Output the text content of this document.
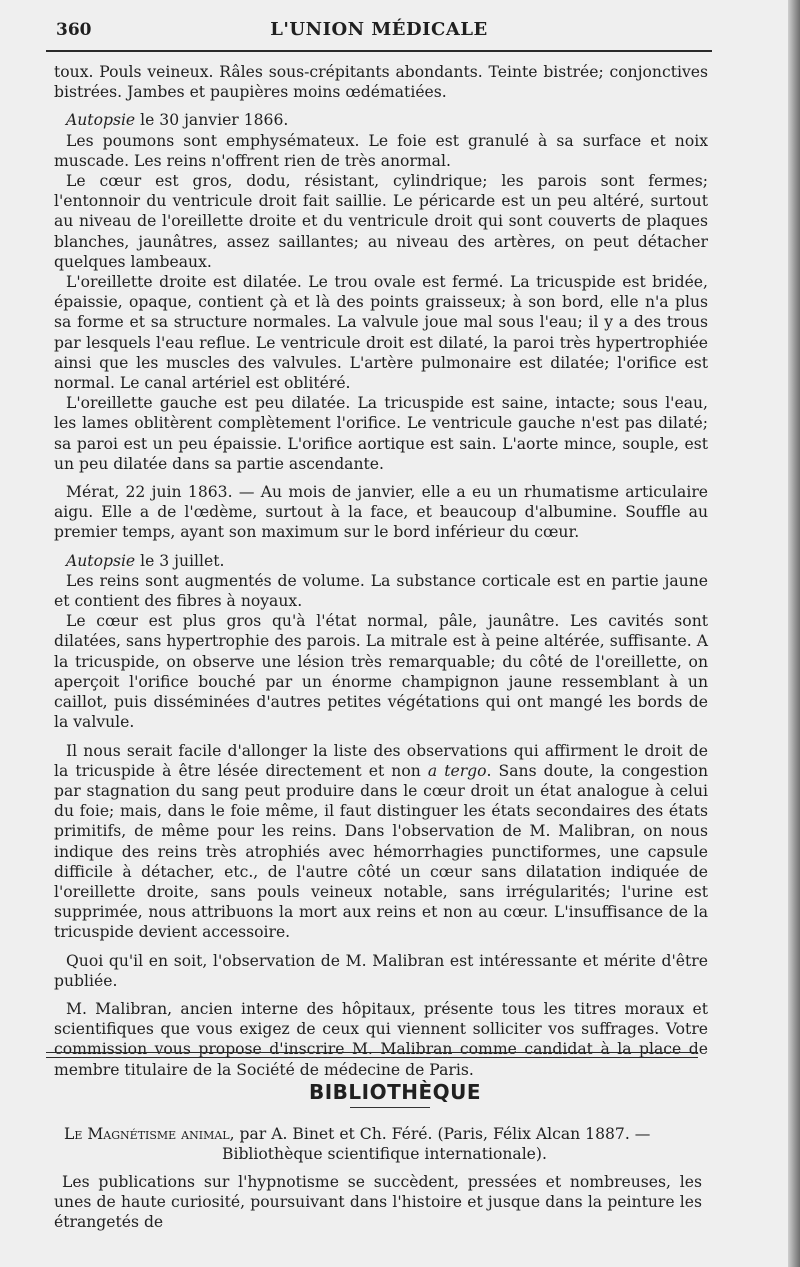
360	L'UNION MÉDICALE

toux. Pouls veineux. Râles sous-crépitants abondants. Teinte bistrée; conjonctives bistrées. Jambes et paupières moins œdématiées.

Autopsie le 30 janvier 1866.

Les poumons sont emphysémateux. Le foie est granulé à sa surface et noix muscade. Les reins n'offrent rien de très anormal.

Le cœur est gros, dodu, résistant, cylindrique; les parois sont fermes; l'entonnoir du ventricule droit fait saillie. Le péricarde est un peu altéré, surtout au niveau de l'oreillette droite et du ventricule droit qui sont couverts de plaques blanches, jaunâtres, assez saillantes; au niveau des artères, on peut détacher quelques lambeaux.

L'oreillette droite est dilatée. Le trou ovale est fermé. La tricuspide est bridée, épaissie, opaque, contient çà et là des points graisseux; à son bord, elle n'a plus sa forme et sa structure normales. La valvule joue mal sous l'eau; il y a des trous par lesquels l'eau reflue. Le ventricule droit est dilaté, la paroi très hypertrophiée ainsi que les muscles des valvules. L'artère pulmonaire est dilatée; l'orifice est normal. Le canal artériel est oblitéré.

L'oreillette gauche est peu dilatée. La tricuspide est saine, intacte; sous l'eau, les lames oblitèrent complètement l'orifice. Le ventricule gauche n'est pas dilaté; sa paroi est un peu épaissie. L'orifice aortique est sain. L'aorte mince, souple, est un peu dilatée dans sa partie ascendante.

Mérat, 22 juin 1863. — Au mois de janvier, elle a eu un rhumatisme articulaire aigu. Elle a de l'œdème, surtout à la face, et beaucoup d'albumine. Souffle au premier temps, ayant son maximum sur le bord inférieur du cœur.

Autopsie le 3 juillet.

Les reins sont augmentés de volume. La substance corticale est en partie jaune et contient des fibres à noyaux.

Le cœur est plus gros qu'à l'état normal, pâle, jaunâtre. Les cavités sont dilatées, sans hypertrophie des parois. La mitrale est à peine altérée, suffisante. A la tricuspide, on observe une lésion très remarquable; du côté de l'oreillette, on aperçoit l'orifice bouché par un énorme champignon jaune ressemblant à un caillot, puis disséminées d'autres petites végétations qui ont mangé les bords de la valvule.

Il nous serait facile d'allonger la liste des observations qui affirment le droit de la tricuspide à être lésée directement et non a tergo. Sans doute, la congestion par stagnation du sang peut produire dans le cœur droit un état analogue à celui du foie; mais, dans le foie même, il faut distinguer les états secondaires des états primitifs, de même pour les reins. Dans l'observation de M. Malibran, on nous indique des reins très atrophiés avec hémorrhagies punctiformes, une capsule difficile à détacher, etc., de l'autre côté un cœur sans dilatation indiquée de l'oreillette droite, sans pouls veineux notable, sans irrégularités; l'urine est supprimée, nous attribuons la mort aux reins et non au cœur. L'insuffisance de la tricuspide devient accessoire.

Quoi qu'il en soit, l'observation de M. Malibran est intéressante et mérite d'être publiée.

M. Malibran, ancien interne des hôpitaux, présente tous les titres moraux et scientifiques que vous exigez de ceux qui viennent solliciter vos suffrages. Votre commission vous propose d'inscrire M. Malibran comme candidat à la place de membre titulaire de la Société de médecine de Paris.

BIBLIOTHÈQUE

Le Magnétisme animal, par A. Binet et Ch. Féré. (Paris, Félix Alcan 1887. —

Bibliothèque scientifique internationale).

Les publications sur l'hypnotisme se succèdent, pressées et nombreuses, les unes de haute curiosité, poursuivant dans l'histoire et jusque dans la peinture les étrangetés de
